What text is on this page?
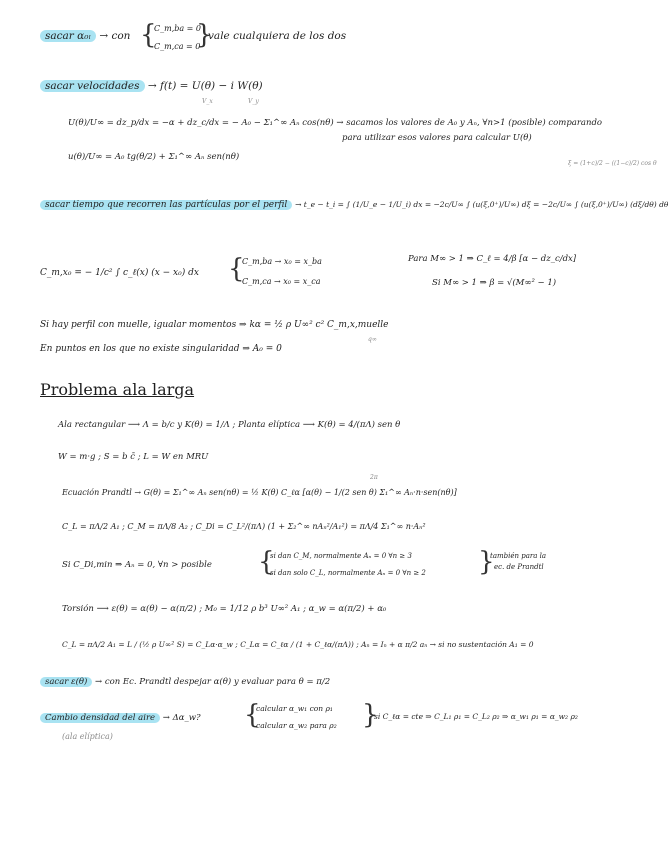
sacar α₀ₗ → con {
C_m,ba = 0
C_m,ca = 0
}
vale cualquiera de los dos
sacar velocidades → f(t) = U(θ) − i W(θ)
V_x	V_y
U(θ)/U∞ = dz_p/dx = −α + dz_c/dx = − A₀ − Σ₁^∞ Aₙ cos(nθ) → sacamos los valores de A₀ y Aₙ, ∀n>1 (posible) comparando
para utilizar esos valores para calcular U(θ)
u(θ)/U∞ = A₀ tg(θ/2) + Σ₁^∞ Aₙ sen(nθ)
ξ = (1+c)/2 − ((1−c)/2) cos θ
sacar tiempo que recorren las partículas por el perfil → t_e − t_i = ∫ (1/U_e − 1/U_i) dx = −2c/U∞ ∫ (u(ξ,0⁺)/U∞) dξ = −2c/U∞ ∫ (u(ξ,0⁺)/U∞) (dξ/dθ) dθ
C_m,x₀ = − 1/c² ∫ c_ℓ(x) (x − x₀) dx {
C_m,ba → x₀ = x_ba
C_m,ca → x₀ = x_ca
Para M∞ > 1 ⇒ C_ℓ = 4/β [α − dz_c/dx]
Si M∞ > 1 ⇒ β = √(M∞² − 1)
Si hay perfil con muelle, igualar momentos ⇒ kα = ½ ρ U∞² c² C_m,x,muelle
q∞
En puntos en los que no existe singularidad ⇒ A₀ = 0
Problema ala larga
Ala rectangular ⟶ Λ = b/c y K(θ) = 1/Λ ; Planta elíptica ⟶ K(θ) = 4/(πΛ) sen θ
W = m·g ; S = b c̄ ; L = W en MRU
2π
Ecuación Prandtl → G(θ) = Σ₁^∞ Aₙ sen(nθ) = ½ K(θ) C_ℓα [α(θ) − 1/(2 sen θ) Σ₁^∞ Aₙ·n·sen(nθ)]
C_L = πΛ/2 A₁ ; C_M = πΛ/8 A₂ ; C_Di = C_L²/(πΛ) (1 + Σ₂^∞ nAₙ²/A₁²) = πΛ/4 Σ₁^∞ n·Aₙ²
Si C_Di,min ⇒ Aₙ = 0, ∀n > posible {
si dan C_M, normalmente Aₙ = 0 ∀n ≥ 3
si dan solo C_L, normalmente Aₙ = 0 ∀n ≥ 2 }
también para la
ec. de Prandtl
Torsión ⟶ ε(θ) = α(θ) − α(π/2) ; M₀ = 1/12 ρ b³ U∞² A₁ ; α_w = α(π/2) + α₀
C_L = πΛ/2 A₁ = L / (½ ρ U∞² S) = C_Lα·α_w ; C_Lα = C_ℓα / (1 + C_ℓα/(πΛ)) ; Aₙ = Iₙ + α π/2 aₙ → si no sustentación A₁ = 0
sacar ε(θ) → con Ec. Prandtl despejar α(θ) y evaluar para θ = π/2
Cambio densidad del aire → Δα_w? {
calcular α_w₁ con ρ₁
calcular α_w₂ para ρ₂ }
si C_ℓα = cte ⇒ C_L₁ ρ₁ = C_L₂ ρ₂ ⇒ α_w₁ ρ₁ = α_w₂ ρ₂
(ala elíptica)
